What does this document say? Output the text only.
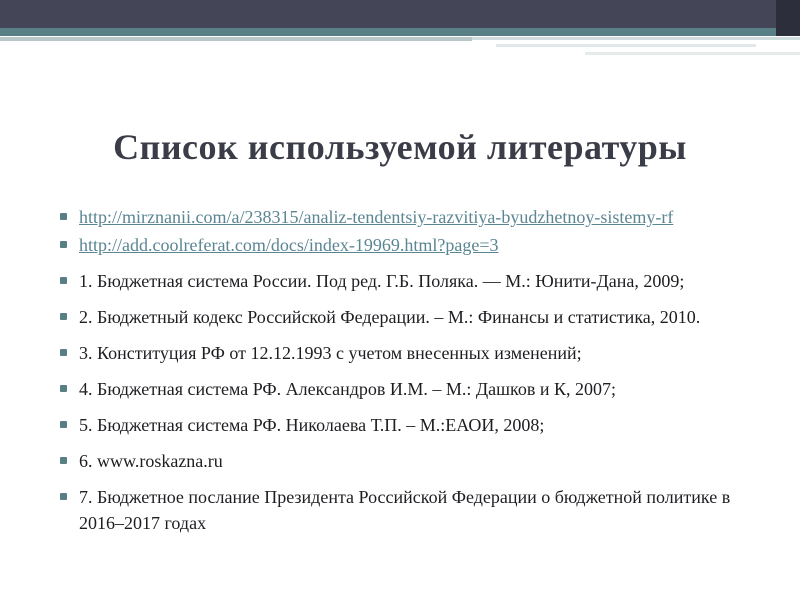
Список используемой литературы
http://mirznanii.com/a/238315/analiz-tendentsiy-razvitiya-byudzhetnoy-sistemy-rf
http://add.coolreferat.com/docs/index-19969.html?page=3
1. Бюджетная система России. Под ред. Г.Б. Поляка. — М.: Юнити-Дана, 2009;
2. Бюджетный кодекс Российской Федерации. – М.: Финансы и статистика, 2010.
3. Конституция РФ от 12.12.1993 с учетом внесенных изменений;
4. Бюджетная система РФ. Александров И.М. – М.: Дашков и К, 2007;
5. Бюджетная система РФ. Николаева Т.П. – М.:ЕАОИ, 2008;
6. www.roskazna.ru
7. Бюджетное послание Президента Российской Федерации о бюджетной политике в 2016–2017 годах
